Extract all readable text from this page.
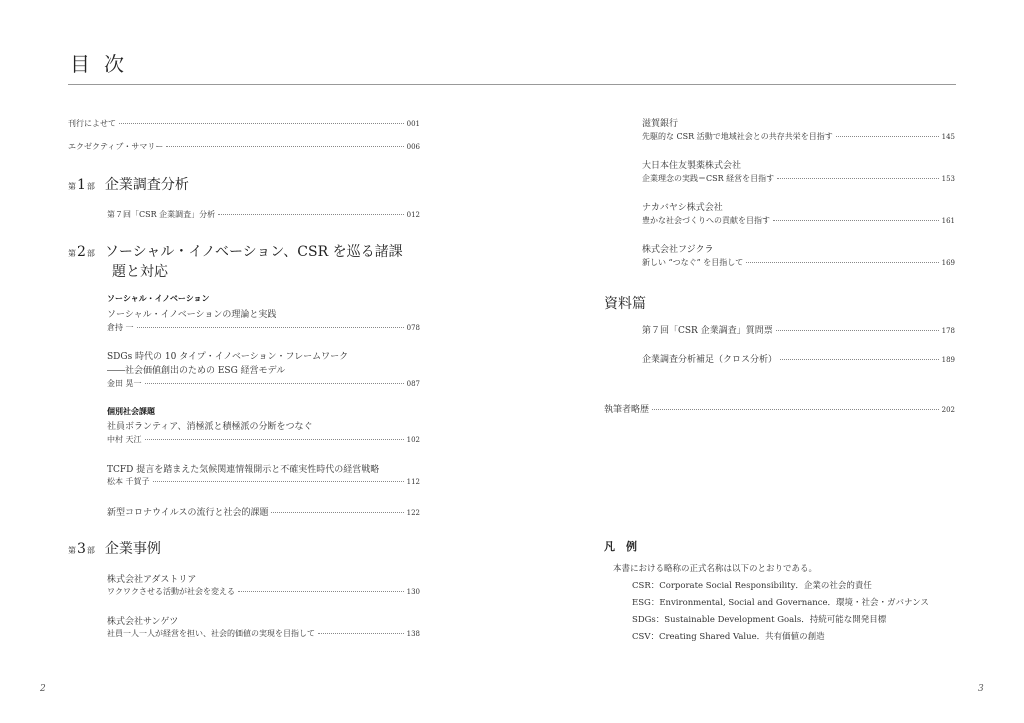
目次
刊行によせて	001
エクゼクティブ・サマリー	006
第 1 部 企業調査分析
第７回「CSR 企業調査」分析	012
第 2 部 ソーシャル・イノベーション、CSR を巡る諸課
題と対応
ソーシャル・イノベーション
ソーシャル・イノベーションの理論と実践
倉持 一	078
SDGs 時代の 10 タイプ・イノベーション・フレームワーク
――社会価値創出のための ESG 経営モデル
金田 晃一	087
個別社会課題
社員ボランティア、消極派と積極派の分断をつなぐ
中村 天江	102
TCFD 提言を踏まえた気候関連情報開示と不確実性時代の経営戦略
松本 千賀子	112
新型コロナウイルスの流行と社会的課題	122
第 3 部 企業事例
株式会社アダストリア
ワクワクさせる活動が社会を変える	130
株式会社サンゲツ
社員一人一人が経営を担い、社会的価値の実現を目指して	138
2
滋賀銀行
先駆的な CSR 活動で地域社会との共存共栄を目指す	145
大日本住友製薬株式会社
企業理念の実践＝CSR 経営を目指す	153
ナカバヤシ株式会社
豊かな社会づくりへの貢献を目指す	161
株式会社フジクラ
新しい “つなぐ” を目指して	169
資料篇
第７回「CSR 企業調査」質問票	178
企業調査分析補足（クロス分析）	189
執筆者略歴	202
凡　例
本書における略称の正式名称は以下のとおりである。
CSR：Corporate Social Responsibility．企業の社会的責任
ESG：Environmental, Social and Governance．環境・社会・ガバナンス
SDGs：Sustainable Development Goals．持続可能な開発目標
CSV：Creating Shared Value．共有価値の創造
3
